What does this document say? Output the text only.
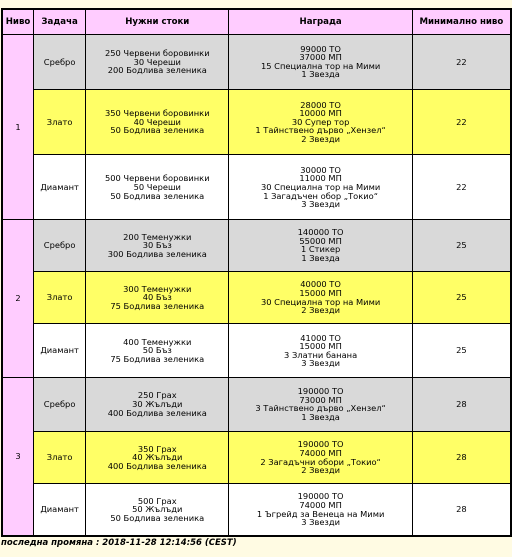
Ниво	Задача	Нужни стоки	Награда	Минимално ниво
1	Сребро	250 Червени боровинки
30 Череши
200 Бодлива зеленика	99000 ТО
37000 МП
15 Специална тор на Мими
1 Звезда	22
	Злато	350 Червени боровинки
40 Череши
50 Бодлива зеленика	28000 ТО
10000 МП
30 Супер тор
1 Тайнствено дърво „Хензел“
2 Звезди	22
	Диамант	500 Червени боровинки
50 Череши
50 Бодлива зеленика	30000 ТО
11000 МП
30 Специална тор на Мими
1 Загадъчен обор „Токио“
3 Звезди	22
2	Сребро	200 Теменужки
30 Бъз
300 Бодлива зеленика	140000 ТО
55000 МП
1 Стикер
1 Звезда	25
	Злато	300 Теменужки
40 Бъз
75 Бодлива зеленика	40000 ТО
15000 МП
30 Специална тор на Мими
2 Звезди	25
	Диамант	400 Теменужки
50 Бъз
75 Бодлива зеленика	41000 ТО
15000 МП
3 Златни банана
3 Звезди	25
3	Сребро	250 Грах
30 Жълъди
400 Бодлива зеленика	190000 ТО
73000 МП
3 Тайнствено дърво „Хензел“
1 Звезда	28
	Злато	350 Грах
40 Жълъди
400 Бодлива зеленика	190000 ТО
74000 МП
2 Загадъчни обори „Токио“
2 Звезди	28
	Диамант	500 Грах
50 Жълъди
50 Бодлива зеленика	190000 ТО
74000 МП
1 Ъгрейд за Венеца на Мими
3 Звезди	28
последна промяна : 2018-11-28 12:14:56 (CEST)
